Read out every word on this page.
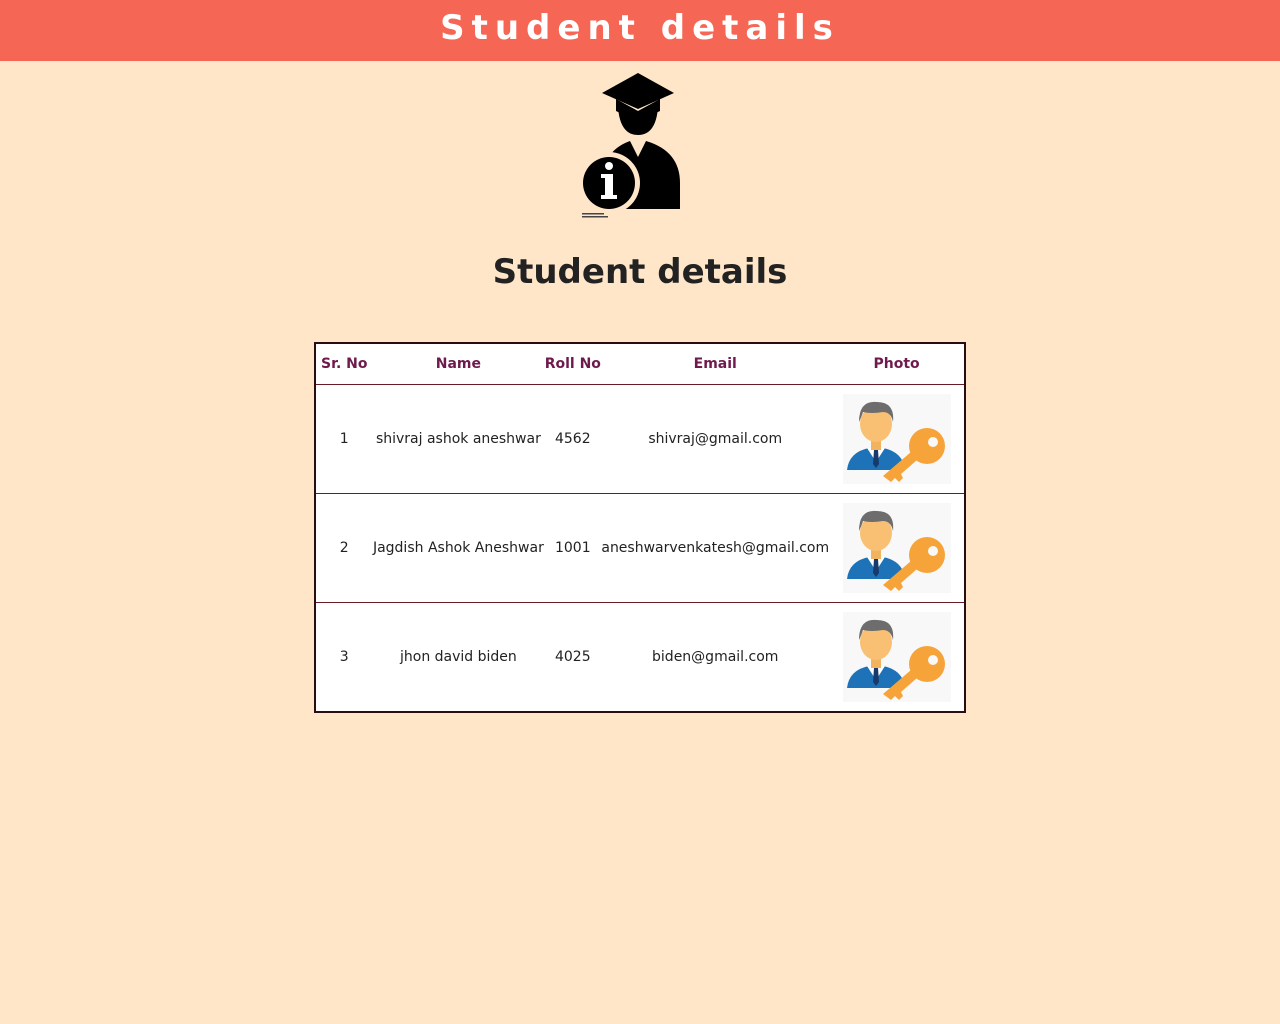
Student details
Student details
Sr. No	Name	Roll No	Email	Photo
1	shivraj ashok aneshwar	4562	shivraj@gmail.com	

2	Jagdish Ashok Aneshwar	1001	aneshwarvenkatesh@gmail.com	

3	jhon david biden	4025	biden@gmail.com	
